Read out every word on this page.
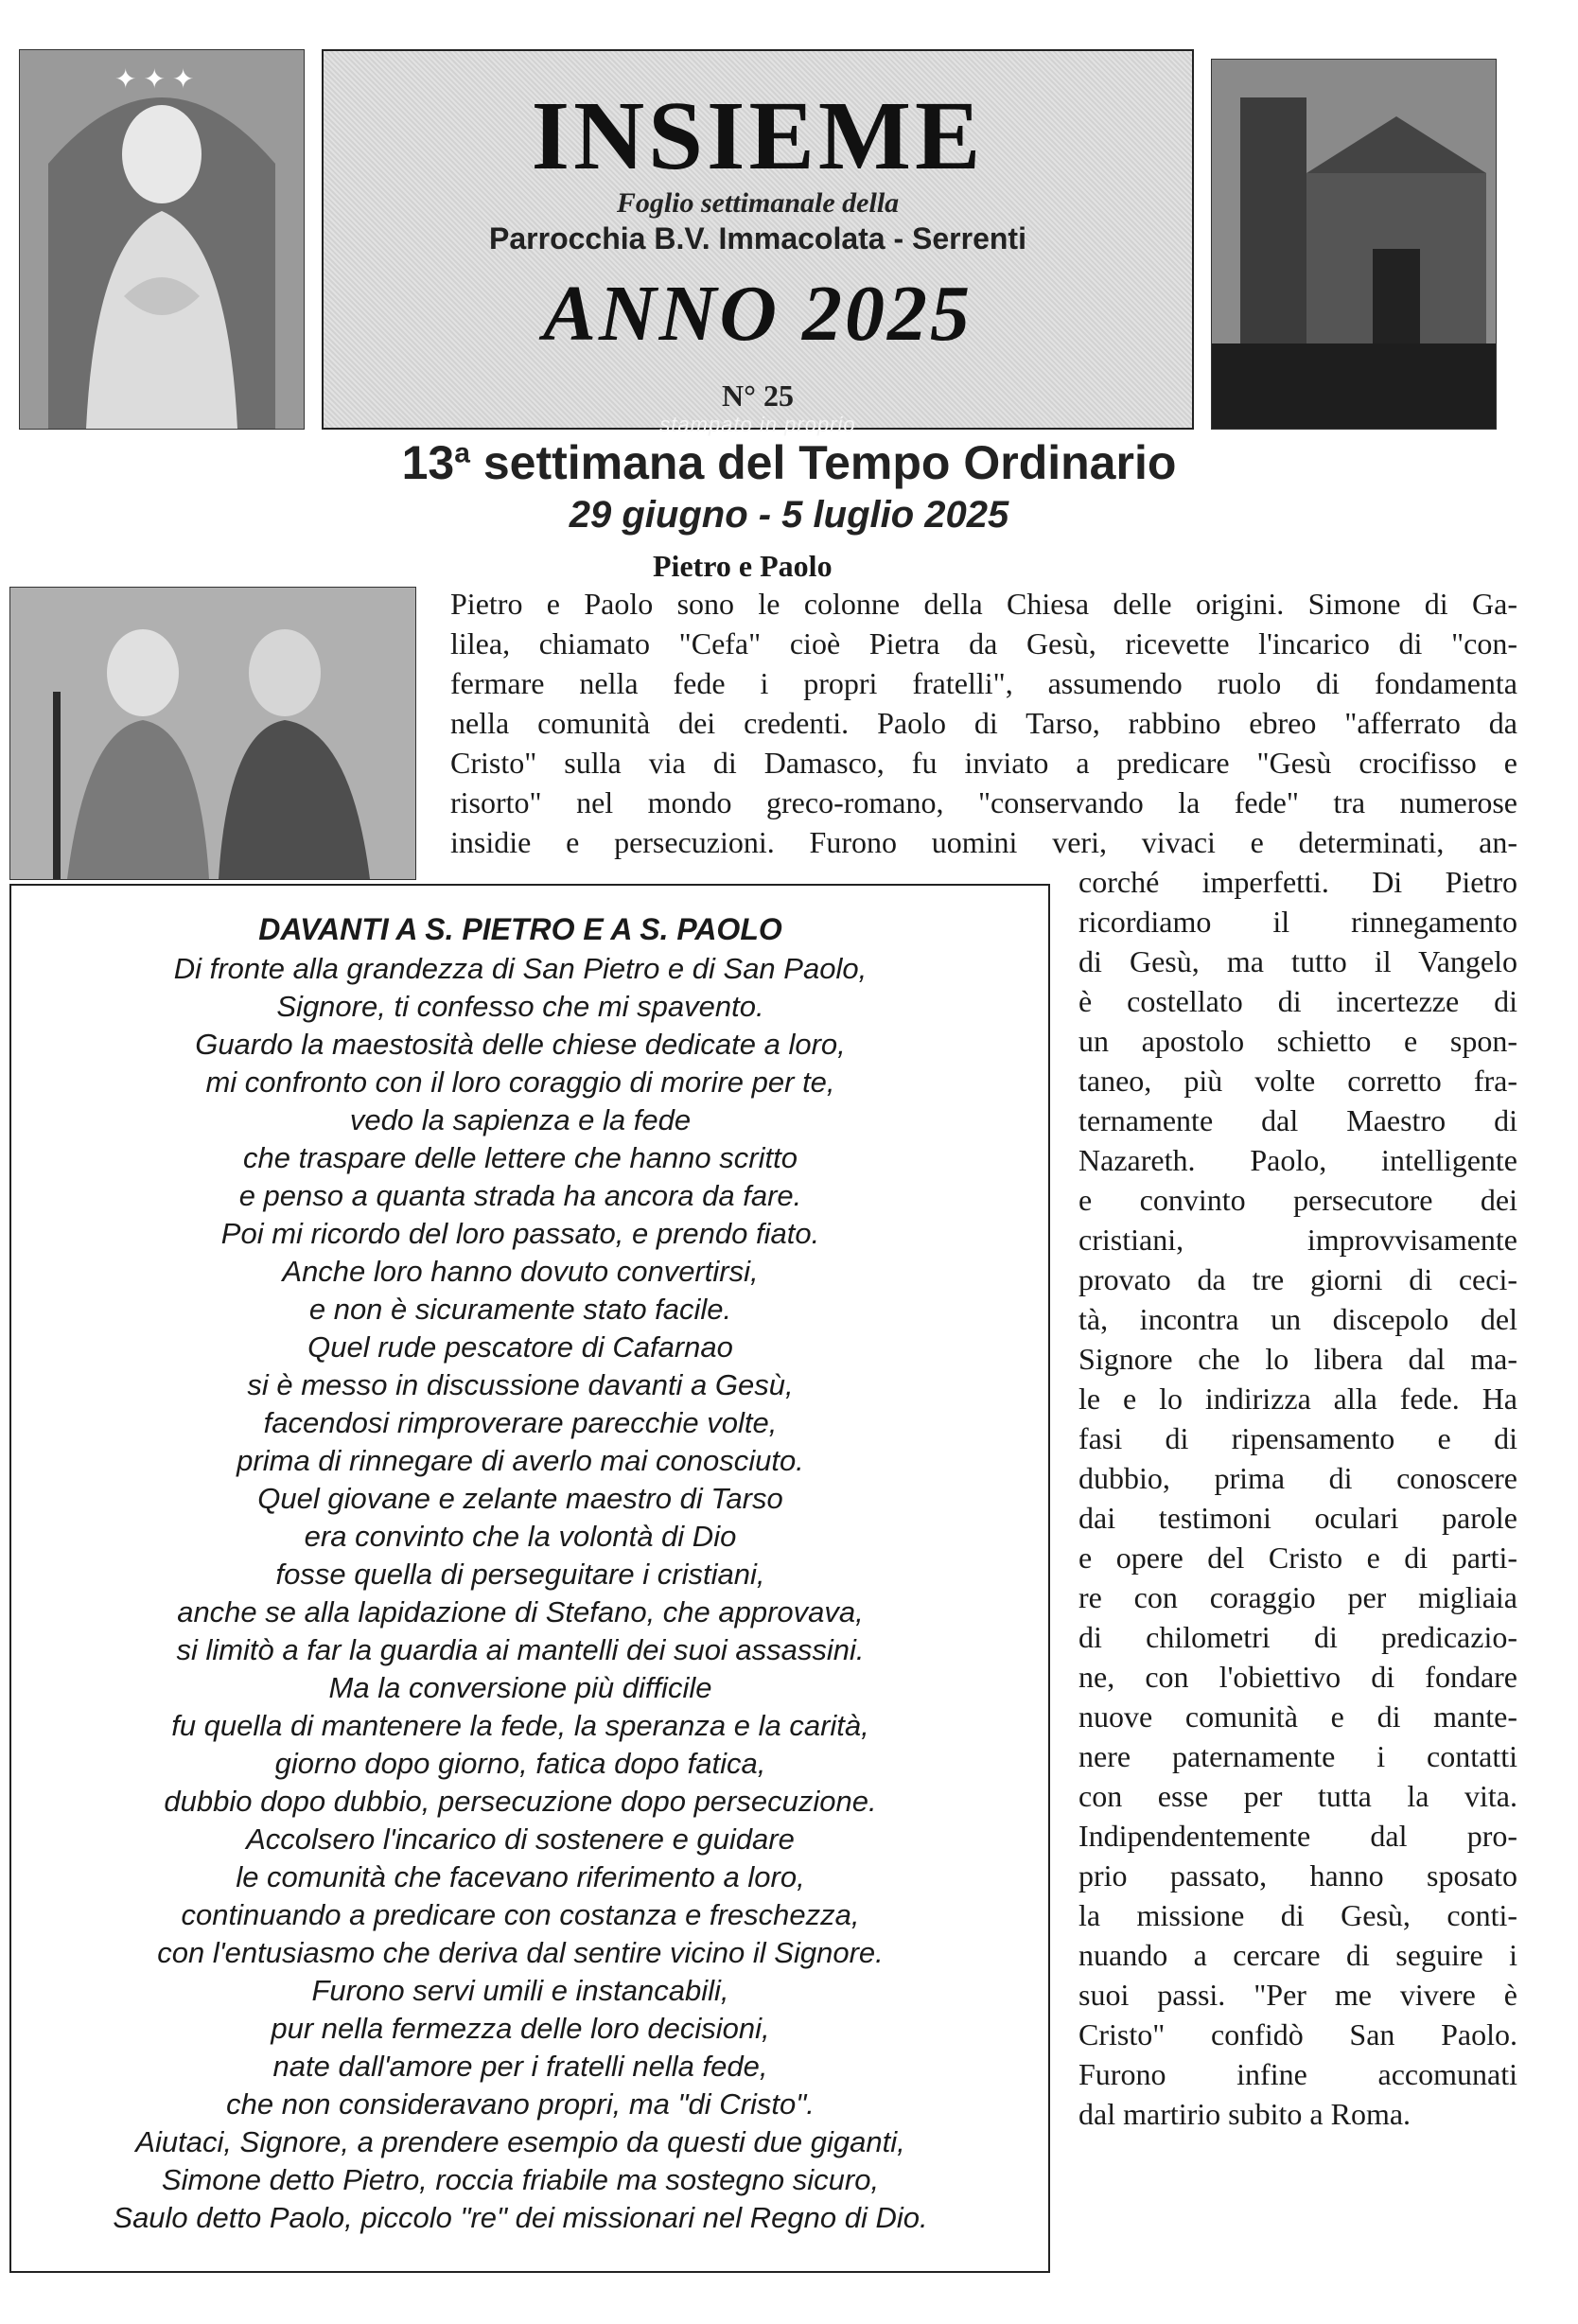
✦ ✦ ✦
INSIEME
Foglio settimanale della
Parrocchia B.V. Immacolata - Serrenti
ANNO 2025
N° 25
stampato in proprio
13$^a$ settimana del Tempo Ordinario
29 giugno - 5 luglio 2025
Pietro e Paolo
Pietro e Paolo sono le colonne della Chiesa delle origini. Simone di Ga-
lilea, chiamato "Cefa" cioè Pietra da Gesù, ricevette l'incarico di "con-
fermare nella fede i propri fratelli", assumendo ruolo di fondamenta
nella comunità dei credenti. Paolo di Tarso, rabbino ebreo "afferrato da
Cristo" sulla via di Damasco, fu inviato a predicare "Gesù crocifisso e
risorto" nel mondo greco-romano, "conservando la fede" tra numerose
insidie e persecuzioni. Furono uomini veri, vivaci e determinati, an-
corché imperfetti. Di Pietro
ricordiamo il rinnegamento
di Gesù, ma tutto il Vangelo
è costellato di incertezze di
un apostolo schietto e spon-
taneo, più volte corretto fra-
ternamente dal Maestro di
Nazareth. Paolo, intelligente
e convinto persecutore dei
cristiani, improvvisamente
provato da tre giorni di ceci-
tà, incontra un discepolo del
Signore che lo libera dal ma-
le e lo indirizza alla fede. Ha
fasi di ripensamento e di
dubbio, prima di conoscere
dai testimoni oculari parole
e opere del Cristo e di parti-
re con coraggio per migliaia
di chilometri di predicazio-
ne, con l'obiettivo di fondare
nuove comunità e di mante-
nere paternamente i contatti
con esse per tutta la vita.
Indipendentemente dal pro-
prio passato, hanno sposato
la missione di Gesù, conti-
nuando a cercare di seguire i
suoi passi. "Per me vivere è
Cristo" confidò San Paolo.
Furono infine accomunati
dal martirio subito a Roma.
DAVANTI A S. PIETRO E A S. PAOLO
Di fronte alla grandezza di San Pietro e di San Paolo,
Signore, ti confesso che mi spavento.
Guardo la maestosità delle chiese dedicate a loro,
mi confronto con il loro coraggio di morire per te,
vedo la sapienza e la fede
che traspare delle lettere che hanno scritto
e penso a quanta strada ha ancora da fare.
Poi mi ricordo del loro passato, e prendo fiato.
Anche loro hanno dovuto convertirsi,
e non è sicuramente stato facile.
Quel rude pescatore di Cafarnao
si è messo in discussione davanti a Gesù,
facendosi rimproverare parecchie volte,
prima di rinnegare di averlo mai conosciuto.
Quel giovane e zelante maestro di Tarso
era convinto che la volontà di Dio
fosse quella di perseguitare i cristiani,
anche se alla lapidazione di Stefano, che approvava,
si limitò a far la guardia ai mantelli dei suoi assassini.
Ma la conversione più difficile
fu quella di mantenere la fede, la speranza e la carità,
giorno dopo giorno, fatica dopo fatica,
dubbio dopo dubbio, persecuzione dopo persecuzione.
Accolsero l'incarico di sostenere e guidare
le comunità che facevano riferimento a loro,
continuando a predicare con costanza e freschezza,
con l'entusiasmo che deriva dal sentire vicino il Signore.
Furono servi umili e instancabili,
pur nella fermezza delle loro decisioni,
nate dall'amore per i fratelli nella fede,
che non consideravano propri, ma "di Cristo".
Aiutaci, Signore, a prendere esempio da questi due giganti,
Simone detto Pietro, roccia friabile ma sostegno sicuro,
Saulo detto Paolo, piccolo "re" dei missionari nel Regno di Dio.
